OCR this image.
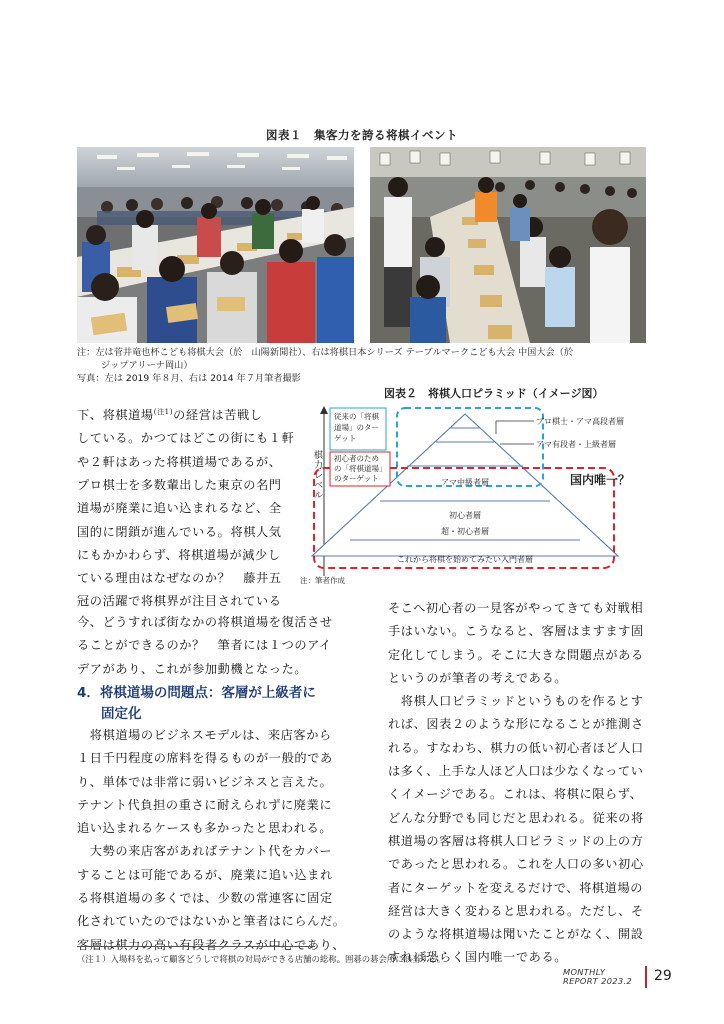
図表１　集客力を誇る将棋イベント
注：左は菅井竜也杯こども将棋大会（於　山陽新聞社）、右は将棋日本シリーズ テーブルマークこども大会 中国大会（於
ジップアリーナ岡山）
写真：左は 2019 年８月、右は 2014 年７月筆者撮影
図表２　将棋人口ピラミッド（イメージ図）
棋力レベル
従来の「将棋 道場」のター ゲット
初心者のため の「将棋道場」 のターゲット
プロ棋士・アマ高段者層
アマ有段者・上級者層
アマ中級者層
初心者層
超・初心者層
これから将棋を始めてみたい入門者層
国内唯一？
注：筆者作成
下、将棋道場$^{(注1)}$の経営は苦戦し
している。かつてはどこの街にも１軒
や２軒はあった将棋道場であるが、
プロ棋士を多数輩出した東京の名門
道場が廃業に追い込まれるなど、全
国的に閉鎖が進んでいる。将棋人気
にもかかわらず、将棋道場が減少し
ている理由はなぜなのか？　藤井五
冠の活躍で将棋界が注目されている
今、どうすれば街なかの将棋道場を復活させ
ることができるのか？　筆者には１つのアイ
デアがあり、これが参加動機となった。
4．将棋道場の問題点：客層が上級者に
固定化
　将棋道場のビジネスモデルは、来店客から
１日千円程度の席料を得るものが一般的であ
り、単体では非常に弱いビジネスと言えた。
テナント代負担の重さに耐えられずに廃業に
追い込まれるケースも多かったと思われる。
　大勢の来店客があればテナント代をカバー
することは可能であるが、廃業に追い込まれ
る将棋道場の多くでは、少数の常連客に固定
化されていたのではないかと筆者はにらんだ。
客層は棋力の高い有段者クラスが中心であり、
そこへ初心者の一見客がやってきても対戦相
手はいない。こうなると、客層はますます固
定化してしまう。そこに大きな問題点がある
というのが筆者の考えである。
　将棋人口ピラミッドというものを作るとす
れば、図表２のような形になることが推測さ
れる。すなわち、棋力の低い初心者ほど人口
は多く、上手な人ほど人口は少なくなってい
くイメージである。これは、将棋に限らず、
どんな分野でも同じだと思われる。従来の将
棋道場の客層は将棋人口ピラミッドの上の方
であったと思われる。これを人口の多い初心
者にターゲットを変えるだけで、将棋道場の
経営は大きく変わると思われる。ただし、そ
のような将棋道場は聞いたことがなく、開設
すれば恐らく国内唯一である。
（注１）入場料を払って顧客どうしで将棋の対局ができる店舗の総称。囲碁の碁会所に該当する。
MONTHLY
REPORT 2023.2 29
